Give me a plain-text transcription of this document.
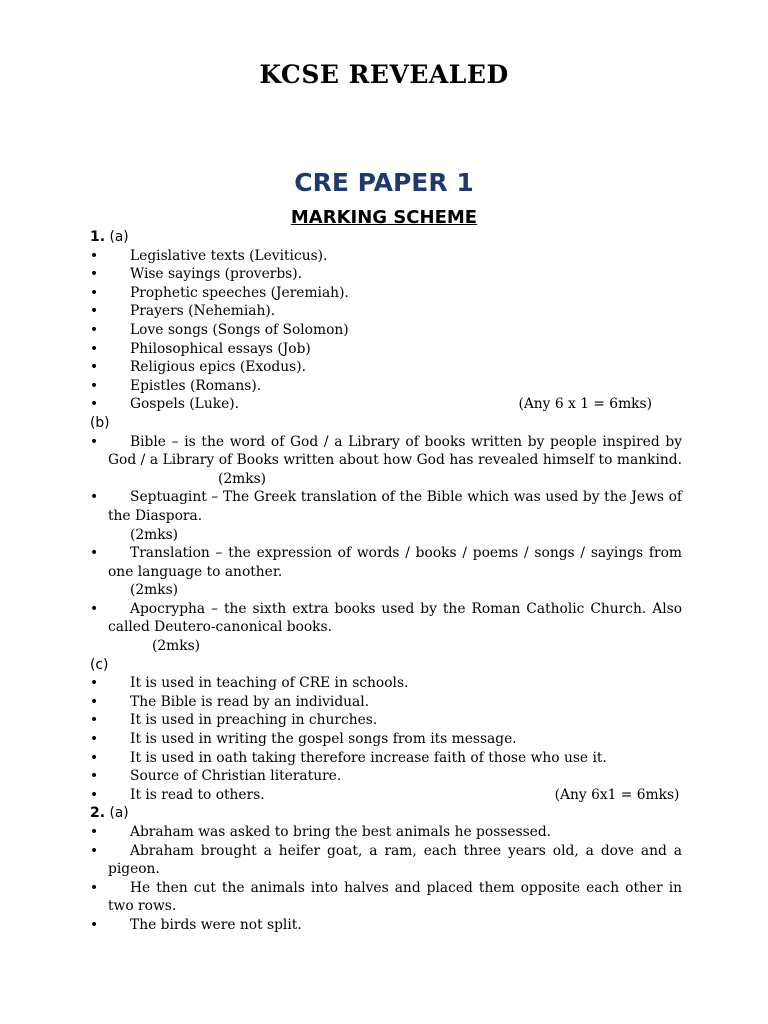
KCSE REVEALED
CRE PAPER 1
MARKING SCHEME
1. (a)
• Legislative texts (Leviticus).
• Wise sayings (proverbs).
• Prophetic speeches (Jeremiah).
• Prayers (Nehemiah).
• Love songs (Songs of Solomon)
• Philosophical essays (Job)
• Religious epics (Exodus).
• Epistles (Romans).
• Gospels (Luke).	(Any 6 x 1 = 6mks)
(b)
• Bible – is the word of God / a Library of books written by people inspired by God / a Library of Books written about how God has revealed himself to mankind. (2mks)
• Septuagint – The Greek translation of the Bible which was used by the Jews of the Diaspora.
(2mks)
• Translation – the expression of words / books / poems / songs / sayings from one language to another.
(2mks)
• Apocrypha – the sixth extra books used by the Roman Catholic Church. Also called Deutero-canonical books.
(2mks)
(c)
• It is used in teaching of CRE in schools.
• The Bible is read by an individual.
• It is used in preaching in churches.
• It is used in writing the gospel songs from its message.
• It is used in oath taking therefore increase faith of those who use it.
• Source of Christian literature.
• It is read to others.	(Any 6x1 = 6mks)
2. (a)
• Abraham was asked to bring the best animals he possessed.
• Abraham brought a heifer goat, a ram, each three years old, a dove and a pigeon.
• He then cut the animals into halves and placed them opposite each other in two rows.
• The birds were not split.
